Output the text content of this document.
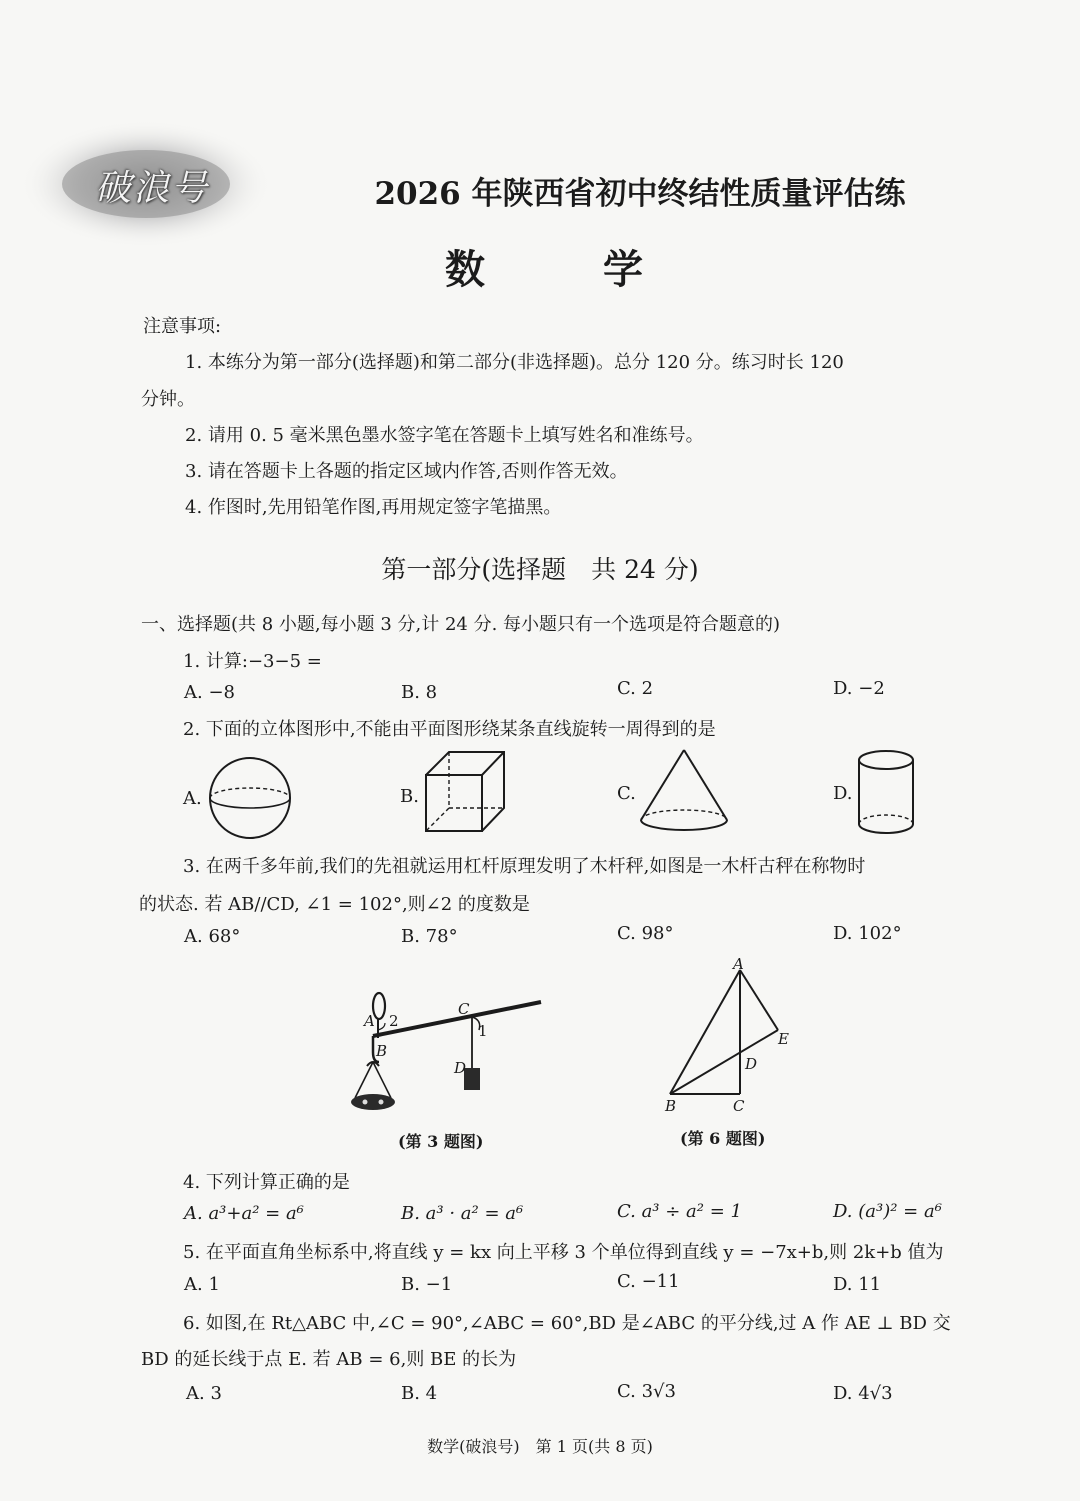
破浪号	2026 年陕西省初中终结性质量评估练
数 学
注意事项:
1. 本练分为第一部分(选择题)和第二部分(非选择题)。总分 120 分。练习时长 120
分钟。
2. 请用 0. 5 毫米黑色墨水签字笔在答题卡上填写姓名和准练号。
3. 请在答题卡上各题的指定区域内作答,否则作答无效。
4. 作图时,先用铅笔作图,再用规定签字笔描黑。
第一部分(选择题　共 24 分)
一、选择题(共 8 小题,每小题 3 分,计 24 分. 每小题只有一个选项是符合题意的)
1. 计算:−3−5 =
A. −8	B. 8	C. 2	D. −2
2. 下面的立体图形中,不能由平面图形绕某条直线旋转一周得到的是
A.	B.	C.	D.
3. 在两千多年前,我们的先祖就运用杠杆原理发明了木杆秤,如图是一木杆古秤在称物时
的状态. 若 AB//CD, ∠1 = 102°,则∠2 的度数是
A. 68°	B. 78°	C. 98°	D. 102°
A 2
C
1
B
D
(第 3 题图)
A
E
D
B	C
(第 6 题图)
4. 下列计算正确的是
A. a³+a² = a⁶	B. a³ · a² = a⁶	C. a³ ÷ a² = 1	D. (a³)² = a⁶
5. 在平面直角坐标系中,将直线 y = kx 向上平移 3 个单位得到直线 y = −7x+b,则 2k+b 值为
A. 1	B. −1	C. −11	D. 11
6. 如图,在 Rt△ABC 中,∠C = 90°,∠ABC = 60°,BD 是∠ABC 的平分线,过 A 作 AE ⊥ BD 交
BD 的延长线于点 E. 若 AB = 6,则 BE 的长为
A. 3	B. 4	C. 3√3	D. 4√3
数学(破浪号)　第 1 页(共 8 页)
